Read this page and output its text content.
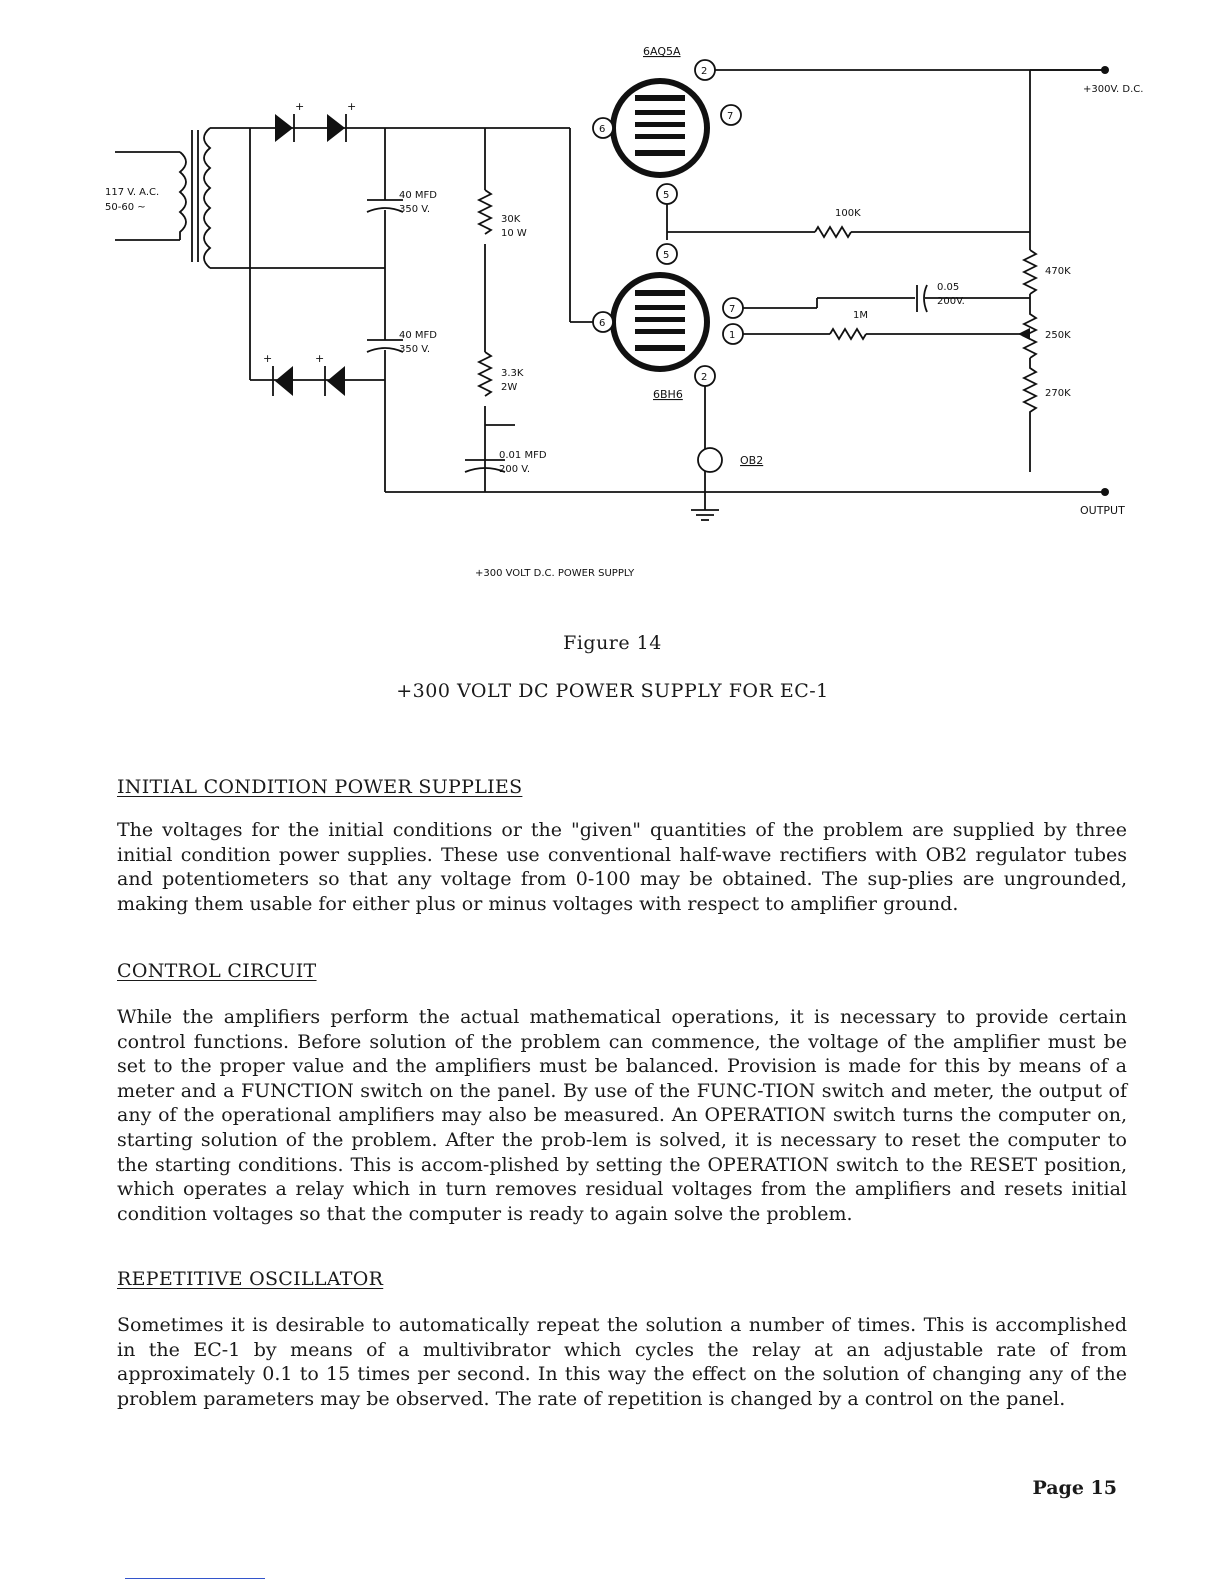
117 V. A.C.
50-60 ~
+	+
+	+
40 MFD
350 V.
40 MFD
350 V.
30K
10 W
3.3K
2W
0.01 MFD
200 V.
6AQ5A
6
2
7
5
100K
5
6
7
1
2
6BH6
1M
0.05
200V.
470K
250K
270K
OB2
+300V. D.C.
OUTPUT
+300 VOLT D.C. POWER SUPPLY
Figure 14
+300 VOLT DC POWER SUPPLY FOR EC-1
INITIAL CONDITION POWER SUPPLIES

The voltages for the initial conditions or the "given" quantities of the problem are supplied by three initial condition power supplies. These use conventional half-wave rectifiers with OB2 regulator tubes and potentiometers so that any voltage from 0-100 may be obtained. The sup-plies are ungrounded, making them usable for either plus or minus voltages with respect to amplifier ground.

CONTROL CIRCUIT

While the amplifiers perform the actual mathematical operations, it is necessary to provide certain control functions. Before solution of the problem can commence, the voltage of the amplifier must be set to the proper value and the amplifiers must be balanced. Provision is made for this by means of a meter and a FUNCTION switch on the panel. By use of the FUNC-TION switch and meter, the output of any of the operational amplifiers may also be measured. An OPERATION switch turns the computer on, starting solution of the problem. After the prob-lem is solved, it is necessary to reset the computer to the starting conditions. This is accom-plished by setting the OPERATION switch to the RESET position, which operates a relay which in turn removes residual voltages from the amplifiers and resets initial condition voltages so that the computer is ready to again solve the problem.

REPETITIVE OSCILLATOR

Sometimes it is desirable to automatically repeat the solution a number of times. This is accomplished in the EC-1 by means of a multivibrator which cycles the relay at an adjustable rate of from approximately 0.1 to 15 times per second. In this way the effect on the solution of changing any of the problem parameters may be observed. The rate of repetition is changed by a control on the panel.

Page 15
